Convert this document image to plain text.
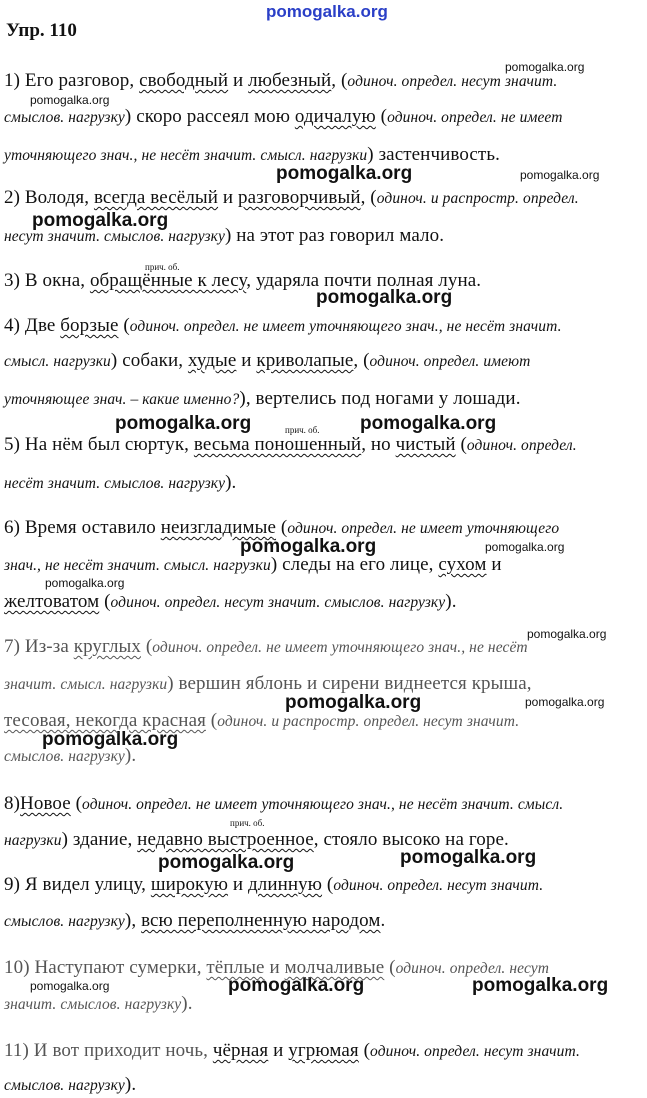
pomogalka.org
pomogalka.org
pomogalka.org
pomogalka.org	pomogalka.org
pomogalka.org
pomogalka.org
pomogalka.org	pomogalka.org
pomogalka.org	pomogalka.org
pomogalka.org
pomogalka.org
pomogalka.org	pomogalka.org
pomogalka.org
pomogalka.org	pomogalka.org
pomogalka.org	pomogalka.org	pomogalka.org
Упр. 110
прич. об.
прич. об.
прич. об.
1) Его разговор, свободный и любезный, (одиноч. определ. несут значит.
смыслов. нагрузку) скоро рассеял мою одичалую (одиноч. определ. не имеет
уточняющего знач., не несёт значит. смысл. нагрузки) застенчивость.
2) Володя, всегда весёлый и разговорчивый, (одиноч. и распростр. определ.
несут значит. смыслов. нагрузку) на этот раз говорил мало.
3) В окна, обращённые к лесу, ударяла почти полная луна.
4) Две борзые (одиноч. определ. не имеет уточняющего знач., не несёт значит.
смысл. нагрузки) собаки, худые и криволапые, (одиноч. определ. имеют
уточняющее знач. – какие именно?), вертелись под ногами у лошади.
5) На нём был сюртук, весьма поношенный, но чистый (одиноч. определ.
несёт значит. смыслов. нагрузку).
6) Время оставило неизгладимые (одиноч. определ. не имеет уточняющего
знач., не несёт значит. смысл. нагрузки) следы на его лице, сухом и
желтоватом (одиноч. определ. несут значит. смыслов. нагрузку).
7) Из-за круглых (одиноч. определ. не имеет уточняющего знач., не несёт
значит. смысл. нагрузки) вершин яблонь и сирени виднеется крыша,
тесовая, некогда красная (одиноч. и распростр. определ. несут значит.
смыслов. нагрузку).
8)Новое (одиноч. определ. не имеет уточняющего знач., не несёт значит. смысл.
нагрузки) здание, недавно выстроенное, стояло высоко на горе.
9) Я видел улицу, широкую и длинную (одиноч. определ. несут значит.
смыслов. нагрузку), всю переполненную народом.
10) Наступают сумерки, тёплые и молчаливые (одиноч. определ. несут
значит. смыслов. нагрузку).
11) И вот приходит ночь, чёрная и угрюмая (одиноч. определ. несут значит.
смыслов. нагрузку).
